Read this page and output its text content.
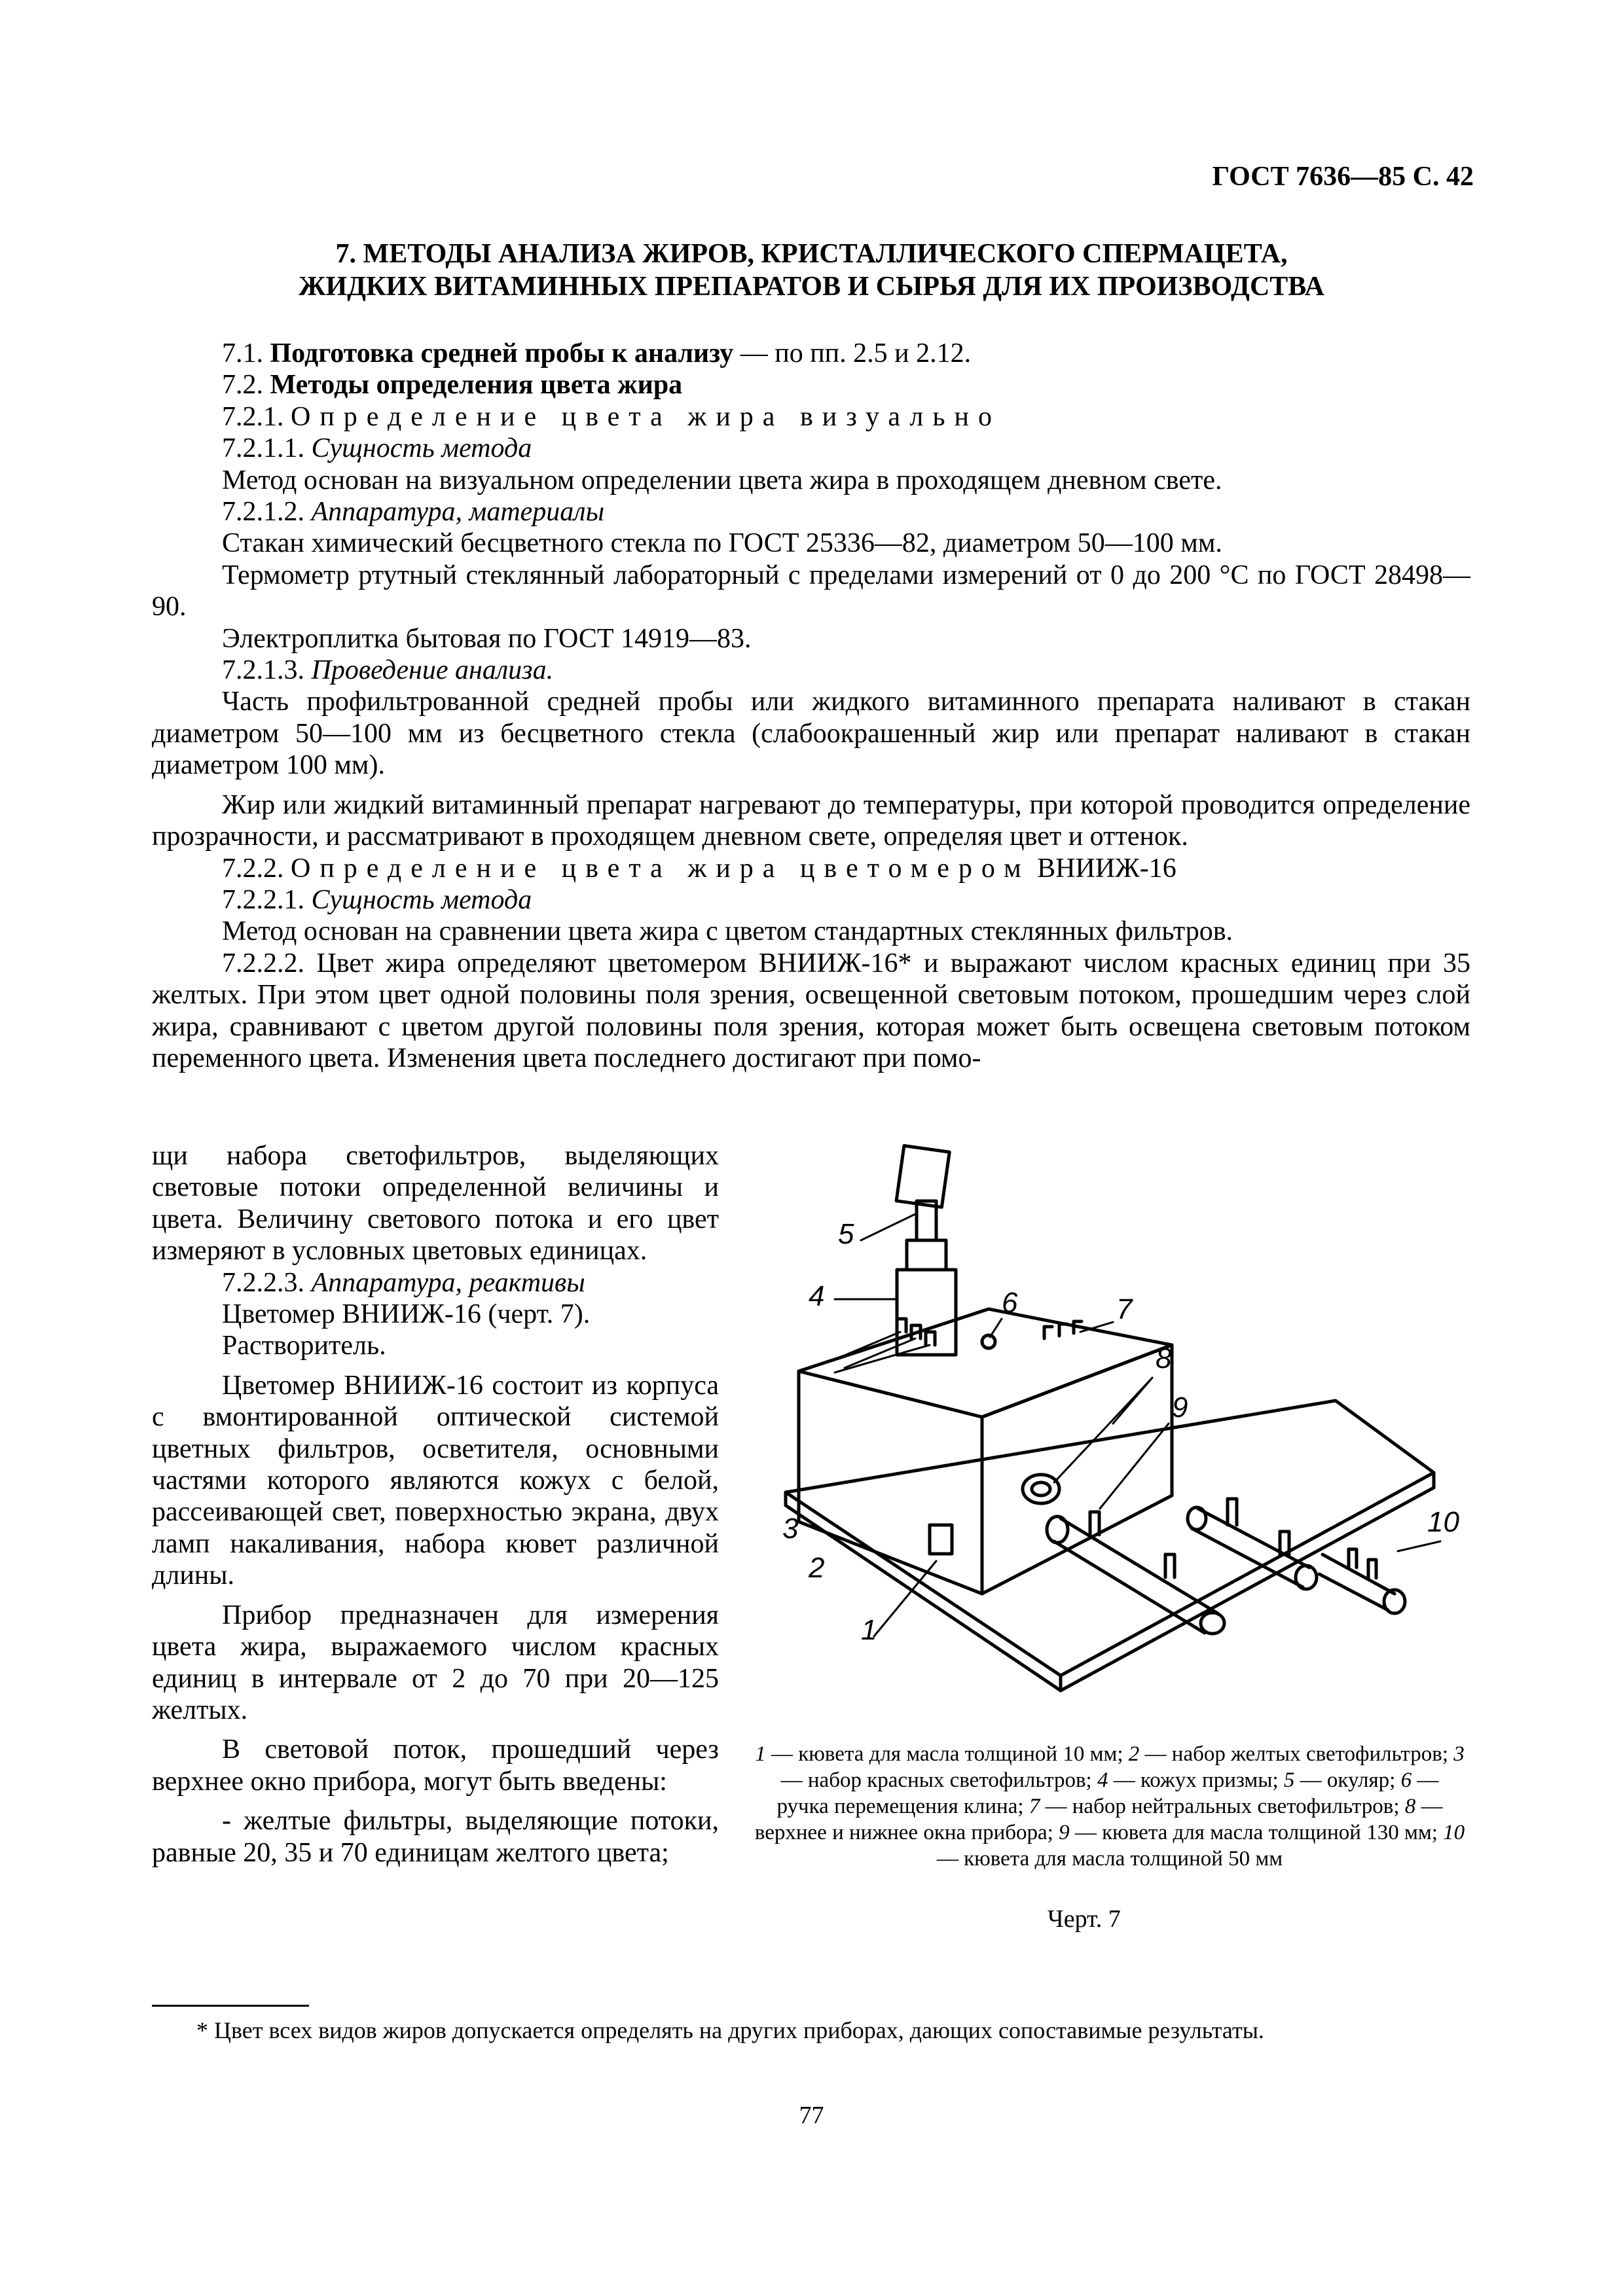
ГОСТ 7636—85 С. 42
7. МЕТОДЫ АНАЛИЗА ЖИРОВ, КРИСТАЛЛИЧЕСКОГО СПЕРМАЦЕТА,
ЖИДКИХ ВИТАМИННЫХ ПРЕПАРАТОВ И СЫРЬЯ ДЛЯ ИХ ПРОИЗВОДСТВА

7.1. Подготовка средней пробы к анализу — по пп. 2.5 и 2.12.

7.2. Методы определения цвета жира

7.2.1. Определение цвета жира визуально

7.2.1.1. Сущность метода

Метод основан на визуальном определении цвета жира в проходящем дневном свете.

7.2.1.2. Аппаратура, материалы

Стакан химический бесцветного стекла по ГОСТ 25336—82, диаметром 50—100 мм.

Термометр ртутный стеклянный лабораторный с пределами измерений от 0 до 200 °С по ГОСТ 28498—90.

Электроплитка бытовая по ГОСТ 14919—83.

7.2.1.3. Проведение анализа.

Часть профильтрованной средней пробы или жидкого витаминного препарата наливают в стакан диаметром 50—100 мм из бесцветного стекла (слабоокрашенный жир или препарат наливают в стакан диаметром 100 мм).

Жир или жидкий витаминный препарат нагревают до температуры, при которой проводится определение прозрачности, и рассматривают в проходящем дневном свете, определяя цвет и оттенок.

7.2.2. Определение цвета жира цветомером ВНИИЖ-16

7.2.2.1. Сущность метода

Метод основан на сравнении цвета жира с цветом стандартных стеклянных фильтров.

7.2.2.2. Цвет жира определяют цветомером ВНИИЖ-16* и выражают числом красных единиц при 35 желтых. При этом цвет одной половины поля зрения, освещенной световым потоком, прошедшим через слой жира, сравнивают с цветом другой половины поля зрения, которая может быть освещена световым потоком переменного цвета. Изменения цвета последнего достигают при помо-

щи набора светофильтров, выделяющих световые потоки определенной величины и цвета. Величину светового потока и его цвет измеряют в условных цветовых единицах.

7.2.2.3. Аппаратура, реактивы

Цветомер ВНИИЖ-16 (черт. 7).

Растворитель.

Цветомер ВНИИЖ-16 состоит из корпуса с вмонтированной оптической системой цветных фильтров, осветителя, основными частями которого являются кожух с белой, рассеивающей свет, поверхностью экрана, двух ламп накаливания, набора кювет различной длины.

Прибор предназначен для измерения цвета жира, выражаемого числом красных единиц в интервале от 2 до 70 при 20—125 желтых.

В световой поток, прошедший через верхнее окно прибора, могут быть введены:

- желтые фильтры, выделяющие потоки, равные 20, 35 и 70 единицам желтого цвета;

1
2
3
4
5
6	7
8
9
10
1 — кювета для масла толщиной 10 мм; 2 — набор желтых светофильтров; 3 — набор красных светофильтров; 4 — кожух призмы; 5 — окуляр; 6 — ручка перемещения клина; 7 — набор нейтральных светофильтров; 8 — верхнее и нижнее окна прибора; 9 — кювета для масла толщиной 130 мм; 10 — кювета для масла толщиной 50 мм
Черт. 7
* Цвет всех видов жиров допускается определять на других приборах, дающих сопоставимые результаты.
77
